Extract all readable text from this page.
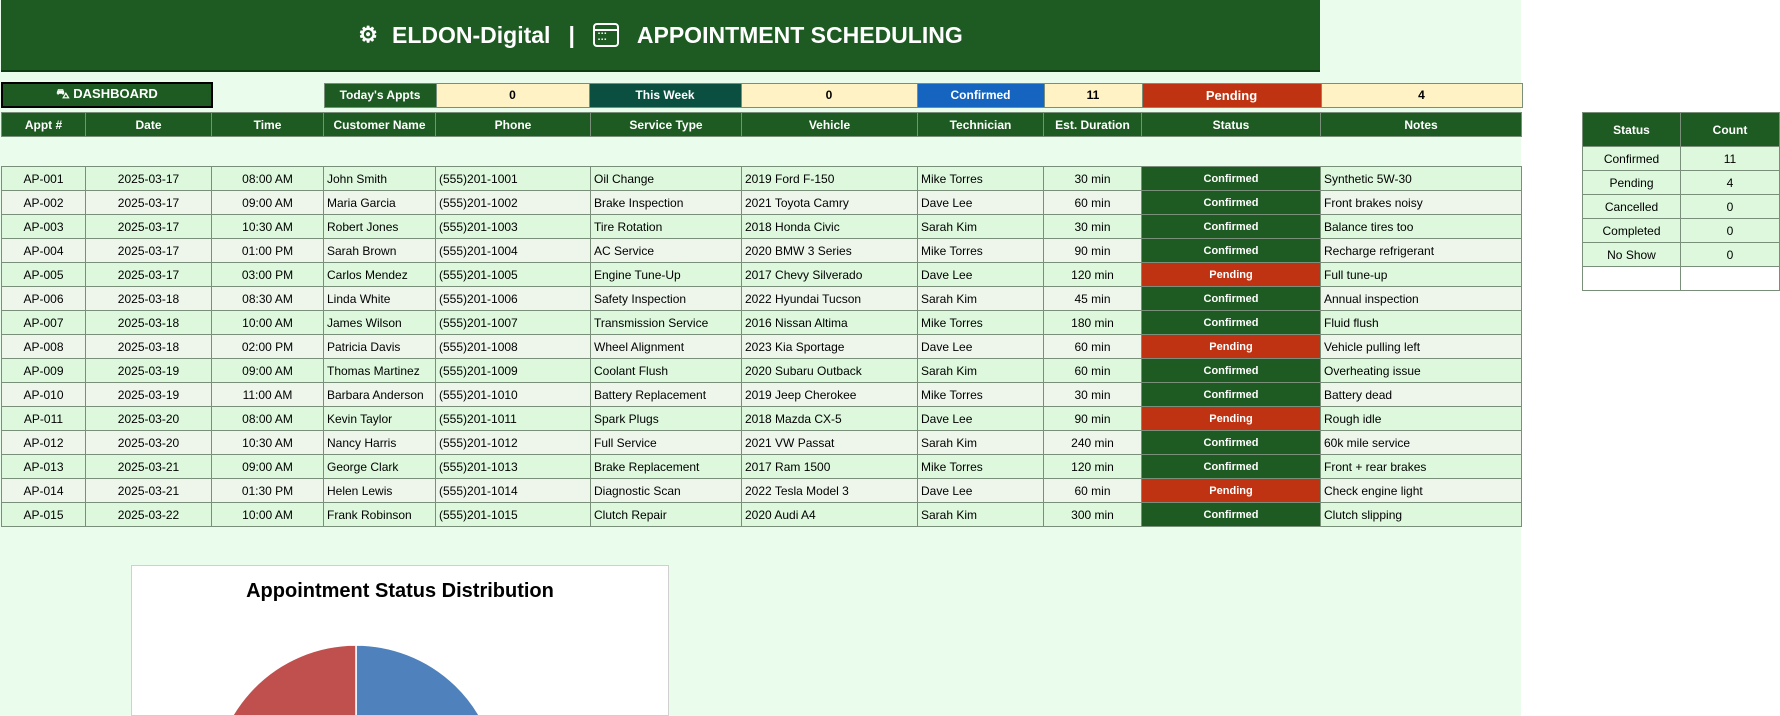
⚙ ELDON-Digital | ▪▪▪ ▪▪▪	APPOINTMENT SCHEDULING
⛍ DASHBOARD		Today's Appts	0	This Week	0	Confirmed	11	Pending	4
Appt #	Date	Time	Customer Name	Phone	Service Type	Vehicle	Technician	Est. Duration	Status	Notes
AP-001	2025-03-17	08:00 AM	John Smith	(555)201-1001	Oil Change	2019 Ford F-150	Mike Torres	30 min	Confirmed	Synthetic 5W-30
AP-002	2025-03-17	09:00 AM	Maria Garcia	(555)201-1002	Brake Inspection	2021 Toyota Camry	Dave Lee	60 min	Confirmed	Front brakes noisy
AP-003	2025-03-17	10:30 AM	Robert Jones	(555)201-1003	Tire Rotation	2018 Honda Civic	Sarah Kim	30 min	Confirmed	Balance tires too
AP-004	2025-03-17	01:00 PM	Sarah Brown	(555)201-1004	AC Service	2020 BMW 3 Series	Mike Torres	90 min	Confirmed	Recharge refrigerant
AP-005	2025-03-17	03:00 PM	Carlos Mendez	(555)201-1005	Engine Tune-Up	2017 Chevy Silverado	Dave Lee	120 min	Pending	Full tune-up
AP-006	2025-03-18	08:30 AM	Linda White	(555)201-1006	Safety Inspection	2022 Hyundai Tucson	Sarah Kim	45 min	Confirmed	Annual inspection
AP-007	2025-03-18	10:00 AM	James Wilson	(555)201-1007	Transmission Service	2016 Nissan Altima	Mike Torres	180 min	Confirmed	Fluid flush
AP-008	2025-03-18	02:00 PM	Patricia Davis	(555)201-1008	Wheel Alignment	2023 Kia Sportage	Dave Lee	60 min	Pending	Vehicle pulling left
AP-009	2025-03-19	09:00 AM	Thomas Martinez	(555)201-1009	Coolant Flush	2020 Subaru Outback	Sarah Kim	60 min	Confirmed	Overheating issue
AP-010	2025-03-19	11:00 AM	Barbara Anderson	(555)201-1010	Battery Replacement	2019 Jeep Cherokee	Mike Torres	30 min	Confirmed	Battery dead
AP-011	2025-03-20	08:00 AM	Kevin Taylor	(555)201-1011	Spark Plugs	2018 Mazda CX-5	Dave Lee	90 min	Pending	Rough idle
AP-012	2025-03-20	10:30 AM	Nancy Harris	(555)201-1012	Full Service	2021 VW Passat	Sarah Kim	240 min	Confirmed	60k mile service
AP-013	2025-03-21	09:00 AM	George Clark	(555)201-1013	Brake Replacement	2017 Ram 1500	Mike Torres	120 min	Confirmed	Front + rear brakes
AP-014	2025-03-21	01:30 PM	Helen Lewis	(555)201-1014	Diagnostic Scan	2022 Tesla Model 3	Dave Lee	60 min	Pending	Check engine light
AP-015	2025-03-22	10:00 AM	Frank Robinson	(555)201-1015	Clutch Repair	2020 Audi A4	Sarah Kim	300 min	Confirmed	Clutch slipping
Status	Count
Confirmed	11
Pending	4
Cancelled	0
Completed	0
No Show	0

Appointment Status Distribution
